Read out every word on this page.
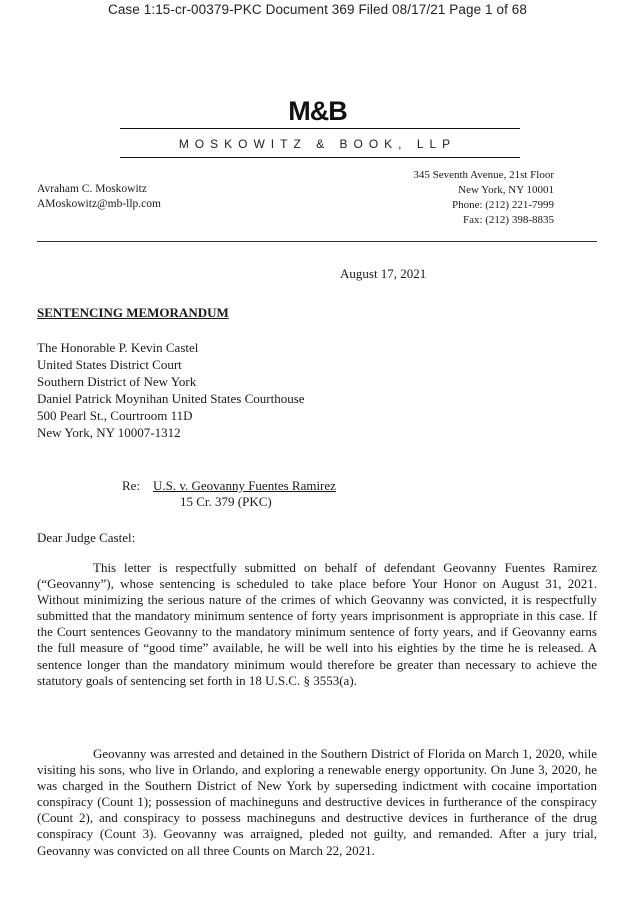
Case 1:15-cr-00379-PKC Document 369 Filed 08/17/21 Page 1 of 68
M&B
MOSKOWITZ & BOOK, LLP
Avraham C. Moskowitz
AMoskowitz@mb-llp.com
345 Seventh Avenue, 21st Floor
New York, NY 10001
Phone: (212) 221-7999
Fax: (212) 398-8835
August 17, 2021
SENTENCING MEMORANDUM
The Honorable P. Kevin Castel
United States District Court
Southern District of New York
Daniel Patrick Moynihan United States Courthouse
500 Pearl St., Courtroom 11D
New York, NY 10007-1312
Re: U.S. v. Geovanny Fuentes Ramirez
15 Cr. 379 (PKC)
Dear Judge Castel:

This letter is respectfully submitted on behalf of defendant Geovanny Fuentes Ramirez (“Geovanny”), whose sentencing is scheduled to take place before Your Honor on August 31, 2021. Without minimizing the serious nature of the crimes of which Geovanny was convicted, it is respectfully submitted that the mandatory minimum sentence of forty years imprisonment is appropriate in this case. If the Court sentences Geovanny to the mandatory minimum sentence of forty years, and if Geovanny earns the full measure of “good time” available, he will be well into his eighties by the time he is released. A sentence longer than the mandatory minimum would therefore be greater than necessary to achieve the statutory goals of sentencing set forth in 18 U.S.C. § 3553(a).

Geovanny was arrested and detained in the Southern District of Florida on March 1, 2020, while visiting his sons, who live in Orlando, and exploring a renewable energy opportunity. On June 3, 2020, he was charged in the Southern District of New York by superseding indictment with cocaine importation conspiracy (Count 1); possession of machineguns and destructive devices in furtherance of the conspiracy (Count 2), and conspiracy to possess machineguns and destructive devices in furtherance of the drug conspiracy (Count 3). Geovanny was arraigned, pleded not guilty, and remanded. After a jury trial, Geovanny was convicted on all three Counts on March 22, 2021.
